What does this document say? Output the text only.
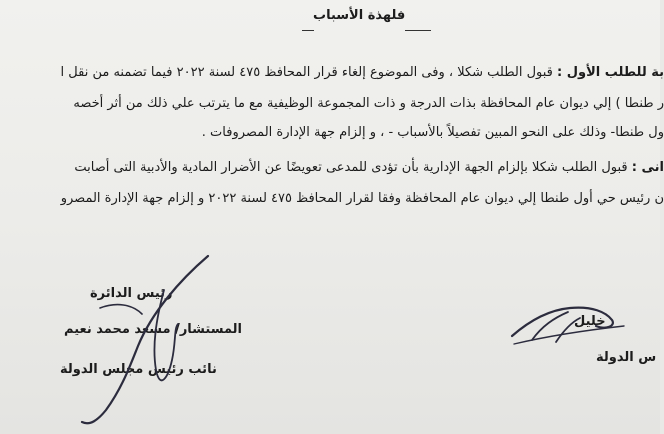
فلهذة الأسباب
بة للطلب الأول : قبول الطلب شكلا ، وفى الموضوع إلغاء قرار المحافظ ٤٧٥ لسنة ٢٠٢٢ فيما تضمنه من نقل ا
ر طنطا ) إلي ديوان عام المحافظة بذات الدرجة و ذات المجموعة الوظيفية مع ما يترتب علي ذلك من أثر أخصه
ول طنطا- وذلك على النحو المبين تفصيلاً بالأسباب - ، و إلزام جهة الإدارة المصروفات .
انى : قبول الطلب شكلا بإلزام الجهة الإدارية بأن تؤدى للمدعى تعويضًا عن الأضرار المادية والأدبية التى أصابت
ن رئيس حي أول طنطا إلي ديوان عام المحافظة وفقا لقرار المحافظ ٤٧٥ لسنة ٢٠٢٢ و إلزام جهة الإدارة المصرو
رئيس الدائرة
المستشار/ مسعد محمد نعيم
نائب رئيس مجلس الدولة
خليل
س الدولة
